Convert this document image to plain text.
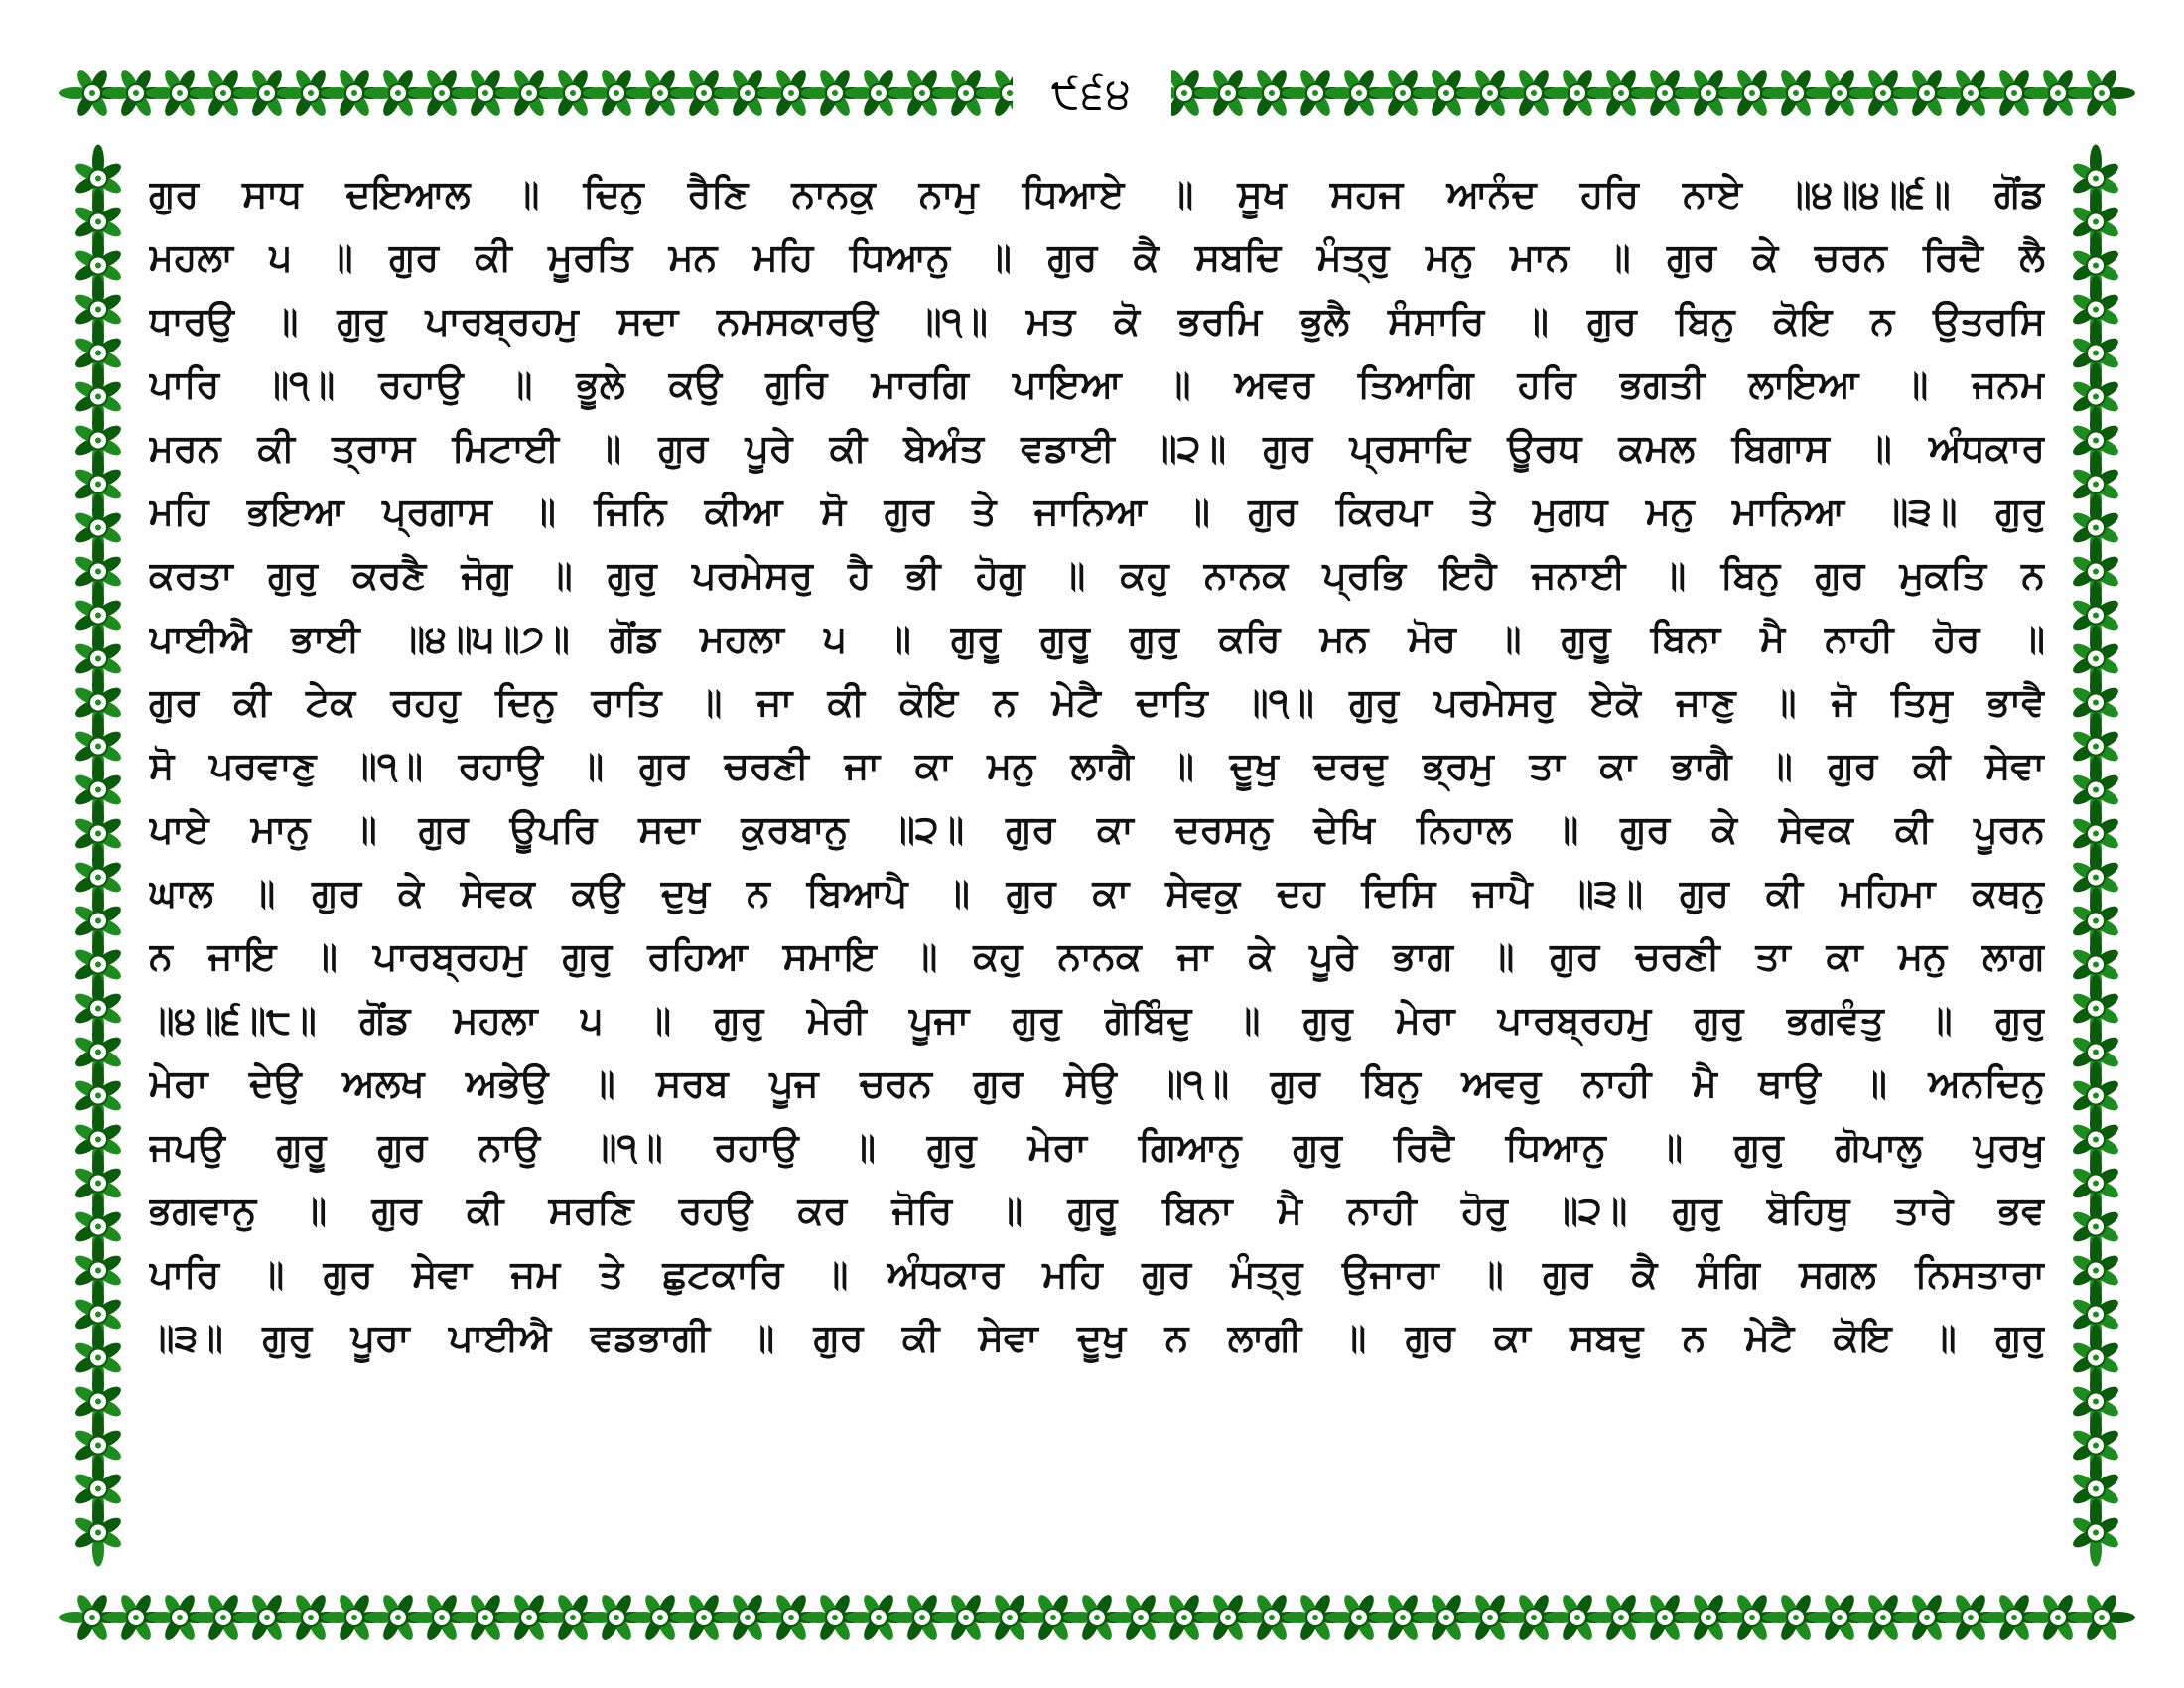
੯੬੪
ਗੁਰ ਸਾਧ ਦਇਆਲ ॥ ਦਿਨੁ ਰੈਣਿ ਨਾਨਕੁ ਨਾਮੁ ਧਿਆਏ ॥ ਸੂਖ ਸਹਜ ਆਨੰਦ ਹਰਿ ਨਾਏ ॥੪॥੪॥੬॥ ਗੋਂਡ
ਮਹਲਾ ੫ ॥ ਗੁਰ ਕੀ ਮੂਰਤਿ ਮਨ ਮਹਿ ਧਿਆਨੁ ॥ ਗੁਰ ਕੈ ਸਬਦਿ ਮੰਤ੍ਰੁ ਮਨੁ ਮਾਨ ॥ ਗੁਰ ਕੇ ਚਰਨ ਰਿਦੈ ਲੈ
ਧਾਰਉ ॥ ਗੁਰੁ ਪਾਰਬ੍ਰਹਮੁ ਸਦਾ ਨਮਸਕਾਰਉ ॥੧॥ ਮਤ ਕੋ ਭਰਮਿ ਭੁਲੈ ਸੰਸਾਰਿ ॥ ਗੁਰ ਬਿਨੁ ਕੋਇ ਨ ਉਤਰਸਿ
ਪਾਰਿ ॥੧॥ ਰਹਾਉ ॥ ਭੂਲੇ ਕਉ ਗੁਰਿ ਮਾਰਗਿ ਪਾਇਆ ॥ ਅਵਰ ਤਿਆਗਿ ਹਰਿ ਭਗਤੀ ਲਾਇਆ ॥ ਜਨਮ
ਮਰਨ ਕੀ ਤ੍ਰਾਸ ਮਿਟਾਈ ॥ ਗੁਰ ਪੂਰੇ ਕੀ ਬੇਅੰਤ ਵਡਾਈ ॥੨॥ ਗੁਰ ਪ੍ਰਸਾਦਿ ਊਰਧ ਕਮਲ ਬਿਗਾਸ ॥ ਅੰਧਕਾਰ
ਮਹਿ ਭਇਆ ਪ੍ਰਗਾਸ ॥ ਜਿਨਿ ਕੀਆ ਸੋ ਗੁਰ ਤੇ ਜਾਨਿਆ ॥ ਗੁਰ ਕਿਰਪਾ ਤੇ ਮੁਗਧ ਮਨੁ ਮਾਨਿਆ ॥੩॥ ਗੁਰੁ
ਕਰਤਾ ਗੁਰੁ ਕਰਣੈ ਜੋਗੁ ॥ ਗੁਰੁ ਪਰਮੇਸਰੁ ਹੈ ਭੀ ਹੋਗੁ ॥ ਕਹੁ ਨਾਨਕ ਪ੍ਰਭਿ ਇਹੈ ਜਨਾਈ ॥ ਬਿਨੁ ਗੁਰ ਮੁਕਤਿ ਨ
ਪਾਈਐ ਭਾਈ ॥੪॥੫॥੭॥ ਗੋਂਡ ਮਹਲਾ ੫ ॥ ਗੁਰੂ ਗੁਰੂ ਗੁਰੁ ਕਰਿ ਮਨ ਮੋਰ ॥ ਗੁਰੂ ਬਿਨਾ ਮੈ ਨਾਹੀ ਹੋਰ ॥
ਗੁਰ ਕੀ ਟੇਕ ਰਹਹੁ ਦਿਨੁ ਰਾਤਿ ॥ ਜਾ ਕੀ ਕੋਇ ਨ ਮੇਟੈ ਦਾਤਿ ॥੧॥ ਗੁਰੁ ਪਰਮੇਸਰੁ ਏਕੋ ਜਾਣੁ ॥ ਜੋ ਤਿਸੁ ਭਾਵੈ
ਸੋ ਪਰਵਾਣੁ ॥੧॥ ਰਹਾਉ ॥ ਗੁਰ ਚਰਣੀ ਜਾ ਕਾ ਮਨੁ ਲਾਗੈ ॥ ਦੂਖੁ ਦਰਦੁ ਭ੍ਰਮੁ ਤਾ ਕਾ ਭਾਗੈ ॥ ਗੁਰ ਕੀ ਸੇਵਾ
ਪਾਏ ਮਾਨੁ ॥ ਗੁਰ ਊਪਰਿ ਸਦਾ ਕੁਰਬਾਨੁ ॥੨॥ ਗੁਰ ਕਾ ਦਰਸਨੁ ਦੇਖਿ ਨਿਹਾਲ ॥ ਗੁਰ ਕੇ ਸੇਵਕ ਕੀ ਪੂਰਨ
ਘਾਲ ॥ ਗੁਰ ਕੇ ਸੇਵਕ ਕਉ ਦੁਖੁ ਨ ਬਿਆਪੈ ॥ ਗੁਰ ਕਾ ਸੇਵਕੁ ਦਹ ਦਿਸਿ ਜਾਪੈ ॥੩॥ ਗੁਰ ਕੀ ਮਹਿਮਾ ਕਥਨੁ
ਨ ਜਾਇ ॥ ਪਾਰਬ੍ਰਹਮੁ ਗੁਰੁ ਰਹਿਆ ਸਮਾਇ ॥ ਕਹੁ ਨਾਨਕ ਜਾ ਕੇ ਪੂਰੇ ਭਾਗ ॥ ਗੁਰ ਚਰਣੀ ਤਾ ਕਾ ਮਨੁ ਲਾਗ
॥੪॥੬॥੮॥ ਗੋਂਡ ਮਹਲਾ ੫ ॥ ਗੁਰੁ ਮੇਰੀ ਪੂਜਾ ਗੁਰੁ ਗੋਬਿੰਦੁ ॥ ਗੁਰੁ ਮੇਰਾ ਪਾਰਬ੍ਰਹਮੁ ਗੁਰੁ ਭਗਵੰਤੁ ॥ ਗੁਰੁ
ਮੇਰਾ ਦੇਉ ਅਲਖ ਅਭੇਉ ॥ ਸਰਬ ਪੂਜ ਚਰਨ ਗੁਰ ਸੇਉ ॥੧॥ ਗੁਰ ਬਿਨੁ ਅਵਰੁ ਨਾਹੀ ਮੈ ਥਾਉ ॥ ਅਨਦਿਨੁ
ਜਪਉ ਗੁਰੂ ਗੁਰ ਨਾਉ ॥੧॥ ਰਹਾਉ ॥ ਗੁਰੁ ਮੇਰਾ ਗਿਆਨੁ ਗੁਰੁ ਰਿਦੈ ਧਿਆਨੁ ॥ ਗੁਰੁ ਗੋਪਾਲੁ ਪੁਰਖੁ
ਭਗਵਾਨੁ ॥ ਗੁਰ ਕੀ ਸਰਣਿ ਰਹਉ ਕਰ ਜੋਰਿ ॥ ਗੁਰੂ ਬਿਨਾ ਮੈ ਨਾਹੀ ਹੋਰੁ ॥੨॥ ਗੁਰੁ ਬੋਹਿਥੁ ਤਾਰੇ ਭਵ
ਪਾਰਿ ॥ ਗੁਰ ਸੇਵਾ ਜਮ ਤੇ ਛੁਟਕਾਰਿ ॥ ਅੰਧਕਾਰ ਮਹਿ ਗੁਰ ਮੰਤ੍ਰੁ ਉਜਾਰਾ ॥ ਗੁਰ ਕੈ ਸੰਗਿ ਸਗਲ ਨਿਸਤਾਰਾ
॥੩॥ ਗੁਰੁ ਪੂਰਾ ਪਾਈਐ ਵਡਭਾਗੀ ॥ ਗੁਰ ਕੀ ਸੇਵਾ ਦੂਖੁ ਨ ਲਾਗੀ ॥ ਗੁਰ ਕਾ ਸਬਦੁ ਨ ਮੇਟੈ ਕੋਇ ॥ ਗੁਰੁ
